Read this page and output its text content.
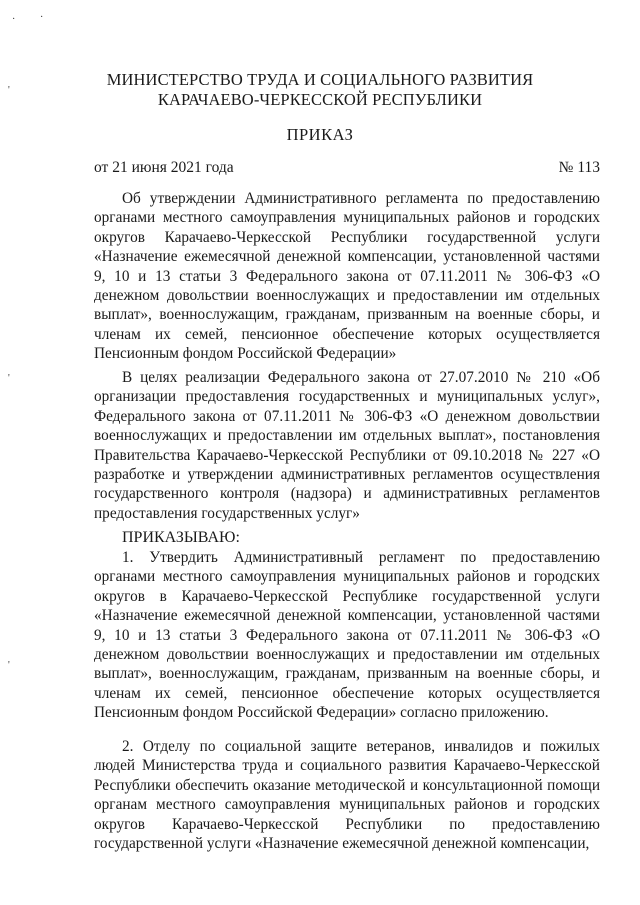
· ·
'
'
'
МИНИСТЕРСТВО ТРУДА И СОЦИАЛЬНОГО РАЗВИТИЯ
КАРАЧАЕВО-ЧЕРКЕССКОЙ РЕСПУБЛИКИ
ПРИКАЗ
от 21 июня 2021 года	№ 113

Об утверждении Административного регламента по предоставлению органами местного самоуправления муниципальных районов и городских округов Карачаево-Черкесской Республики государственной услуги «Назначение ежемесячной денежной компенсации, установленной частями 9, 10 и 13 статьи 3 Федерального закона от 07.11.2011 № 306-ФЗ «О денежном довольствии военнослужащих и предоставлении им отдельных выплат», военнослужащим, гражданам, призванным на военные сборы, и членам их семей, пенсионное обеспечение которых осуществляется Пенсионным фондом Российской Федерации»

В целях реализации Федерального закона от 27.07.2010 № 210 «Об организации предоставления государственных и муниципальных услуг», Федерального закона от 07.11.2011 № 306-ФЗ «О денежном довольствии военнослужащих и предоставлении им отдельных выплат», постановления Правительства Карачаево-Черкесской Республики от 09.10.2018 № 227 «О разработке и утверждении административных регламентов осуществления государственного контроля (надзора) и административных регламентов предоставления государственных услуг»

ПРИКАЗЫВАЮ:

1. Утвердить Административный регламент по предоставлению органами местного самоуправления муниципальных районов и городских округов в Карачаево-Черкесской Республике государственной услуги «Назначение ежемесячной денежной компенсации, установленной частями 9, 10 и 13 статьи 3 Федерального закона от 07.11.2011 № 306-ФЗ «О денежном довольствии военнослужащих и предоставлении им отдельных выплат», военнослужащим, гражданам, призванным на военные сборы, и членам их семей, пенсионное обеспечение которых осуществляется Пенсионным фондом Российской Федерации» согласно приложению.

2. Отделу по социальной защите ветеранов, инвалидов и пожилых людей Министерства труда и социального развития Карачаево-Черкесской Республики обеспечить оказание методической и консультационной помощи органам местного самоуправления муниципальных районов и городских округов Карачаево-Черкесской Республики по предоставлению государственной услуги «Назначение ежемесячной денежной компенсации,
